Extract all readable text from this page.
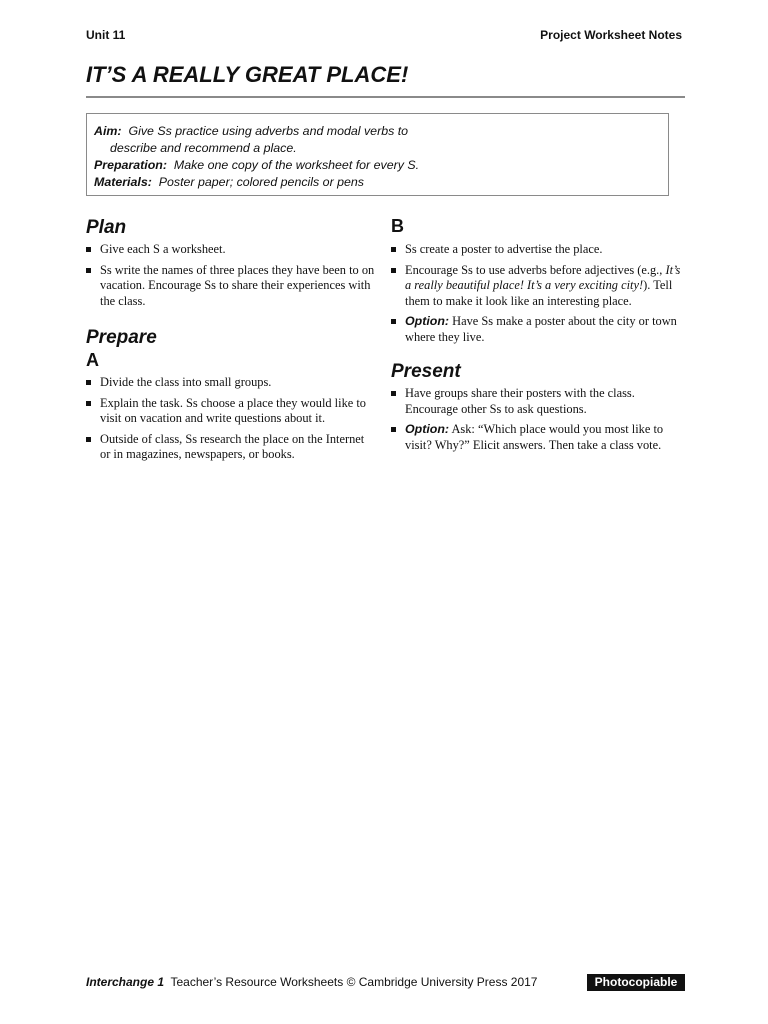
Unit 11	Project Worksheet Notes
IT’S A REALLY GREAT PLACE!
Aim: Give Ss practice using adverbs and modal verbs to
describe and recommend a place.
Preparation: Make one copy of the worksheet for every S.
Materials: Poster paper; colored pencils or pens
Plan
Give each S a worksheet.
Ss write the names of three places they have been to on vacation. Encourage Ss to share their experiences with the class.
Prepare
A
Divide the class into small groups.
Explain the task. Ss choose a place they would like to visit on vacation and write questions about it.
Outside of class, Ss research the place on the Internet or in magazines, newspapers, or books.
B
Ss create a poster to advertise the place.
Encourage Ss to use adverbs before adjectives (e.g., It’s a really beautiful place! It’s a very exciting city!). Tell them to make it look like an interesting place.
Option: Have Ss make a poster about the city or town where they live.
Present
Have groups share their posters with the class. Encourage other Ss to ask questions.
Option: Ask: “Which place would you most like to visit? Why?” Elicit answers. Then take a class vote.
Interchange 1 Teacher’s Resource Worksheets © Cambridge University Press 2017	Photocopiable
